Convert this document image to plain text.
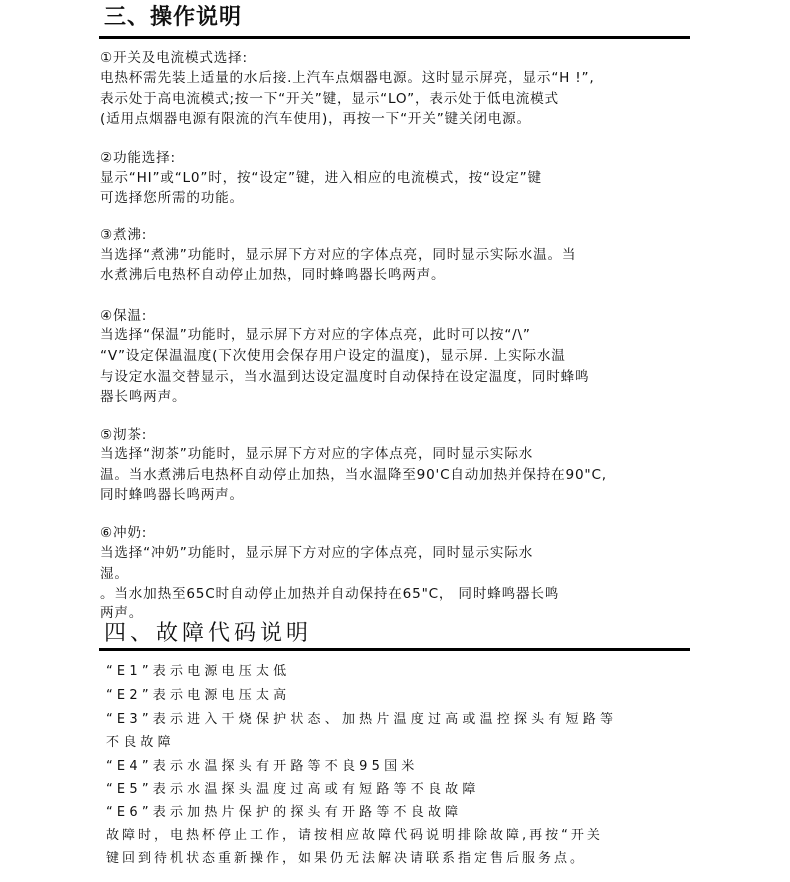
三、操作说明

①开关及电流模式选择:

电热杯需先装上适量的水后接.上汽车点烟器电源。这时显示屏亮，显示“H !”,

表示处于高电流模式;按一下“开关”键，显示“LO”，表示处于低电流模式

(适用点烟器电源有限流的汽车使用)，再按一下“开关”键关闭电源。

②功能选择:

显示“HI”或“L0”时，按“设定”键，进入相应的电流模式，按“设定”键

可选择您所需的功能。

③煮沸:

当选择“煮沸”功能时，显示屏下方对应的字体点亮，同时显示实际水温。当

水煮沸后电热杯自动停止加热，同时蜂鸣器长鸣两声。

④保温:

当选择“保温”功能时，显示屏下方对应的字体点亮，此时可以按“/\”

“V”设定保温温度(下次使用会保存用户设定的温度)，显示屏. 上实际水温

与设定水温交替显示，当水温到达设定温度时自动保持在设定温度，同时蜂鸣

器长鸣两声。

⑤沏茶:

当选择“沏茶”功能时，显示屏下方对应的字体点亮，同时显示实际水

温。当水煮沸后电热杯自动停止加热，当水温降至90'C自动加热并保持在90"C,

同时蜂鸣器长鸣两声。

⑥冲奶:

当选择“冲奶”功能时，显示屏下方对应的字体点亮，同时显示实际水

湿。

。当水加热至65C时自动停止加热并自动保持在65"C， 同时蜂鸣器长鸣

两声。

四、故障代码说明

“E1”表示电源电压太低

“E2”表示电源电压太高

“E3”表示进入干烧保护状态、加热片温度过高或温控探头有短路等

不良故障

“E4”表示水温探头有开路等不良95国米

“E5”表示水温探头温度过高或有短路等不良故障

“E6”表示加热片保护的探头有开路等不良故障

故障时，电热杯停止工作，请按相应故障代码说明排除故障,再按“开关

键回到待机状态重新操作，如果仍无法解决请联系指定售后服务点。
